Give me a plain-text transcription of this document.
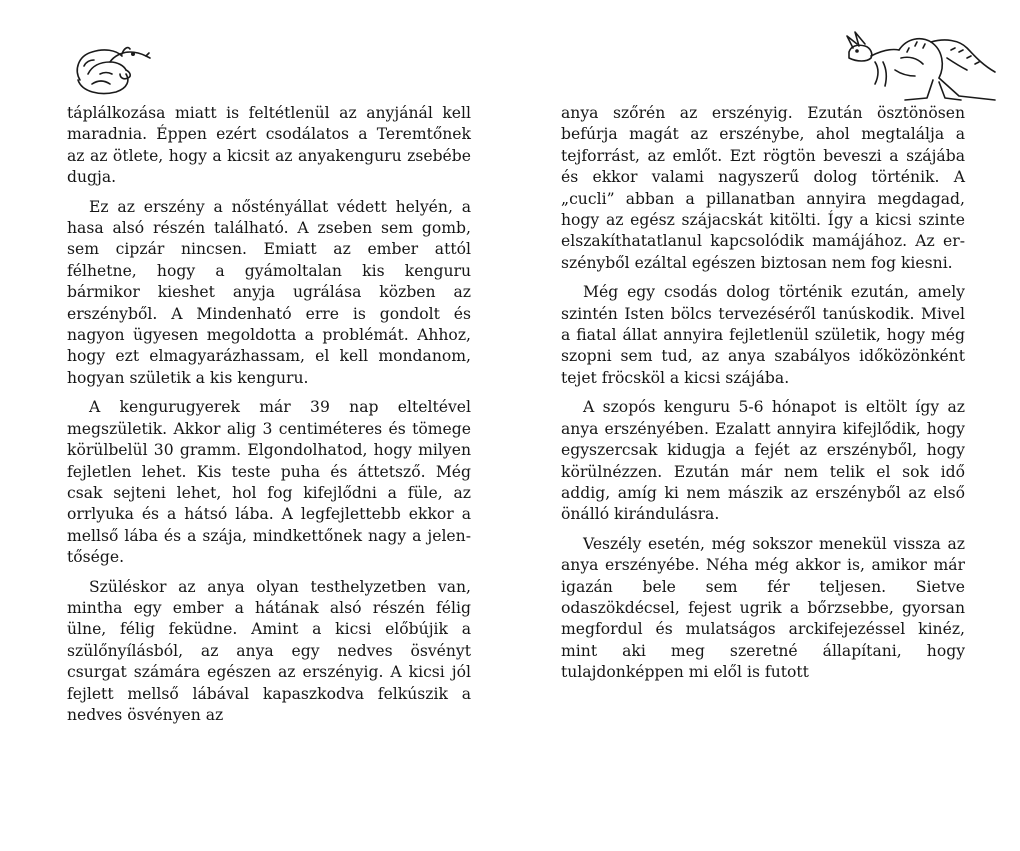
táplálkozása miatt is feltétlenül az anyjánál kell maradnia. Éppen ezért csodálatos a Teremtőnek az az ötlete, hogy a kicsit az anyakenguru zsebébe dugja.

Ez az erszény a nőstényállat védett helyén, a hasa alsó részén található. A zseben sem gomb, sem cipzár nincsen. Emiatt az ember attól félhetne, hogy a gyámoltalan kis kenguru bármikor kieshet anyja ugrálása közben az erszényből. A Mindenható erre is gondolt és nagyon ügyesen megoldotta a problémát. Ahhoz, hogy ezt elmagyarázhassam, el kell mondanom, hogyan születik a kis kenguru.

A kengurugyerek már 39 nap elteltével megszületik. Akkor alig 3 centiméteres és tömege körülbelül 30 gramm. Elgondolhatod, hogy milyen fejletlen lehet. Kis teste puha és áttetsző. Még csak sejteni lehet, hol fog kifejlődni a füle, az orrlyuka és a hátsó lába. A legfejlettebb ekkor a mellső lába és a szája, mindkettőnek nagy a jelentősége.

Szüléskor az anya olyan testhelyzetben van, mintha egy ember a hátának alsó részén félig ülne, félig feküdne. Amint a kicsi előbújik a szülőnyílásból, az anya egy nedves ösvényt csurgat számára egészen az erszényig. A kicsi jól fejlett mellső lábával kapaszkodva felkúszik a nedves ösvényen az

anya szőrén az erszényig. Ezután ösztönösen befúrja magát az erszénybe, ahol megtalálja a tejforrást, az emlőt. Ezt rögtön beveszi a szájába és ekkor valami nagyszerű dolog történik. A „cucli” abban a pillanatban annyira megdagad, hogy az egész szájacskát kitölti. Így a kicsi szinte elszakíthatatlanul kapcsolódik mamájához. Az erszényből ezáltal egészen biztosan nem fog kiesni.

Még egy csodás dolog történik ezután, amely szintén Isten bölcs tervezéséről tanúskodik. Mivel a fiatal állat annyira fejletlenül születik, hogy még szopni sem tud, az anya szabályos időközönként tejet fröcsköl a kicsi szájába.

A szopós kenguru 5-6 hónapot is eltölt így az anya erszényében. Ezalatt annyira kifejlődik, hogy egyszercsak kidugja a fejét az erszényből, hogy körülnézzen. Ezután már nem telik el sok idő addig, amíg ki nem mászik az erszényből az első önálló kirándulásra.

Veszély esetén, még sokszor menekül vissza az anya erszényébe. Néha még akkor is, amikor már igazán bele sem fér teljesen. Sietve odaszökdécsel, fejest ugrik a bőrzsebbe, gyorsan megfordul és mulatságos arckifejezéssel kinéz, mint aki meg szeretné állapítani, hogy tulajdonképpen mi elől is futott
